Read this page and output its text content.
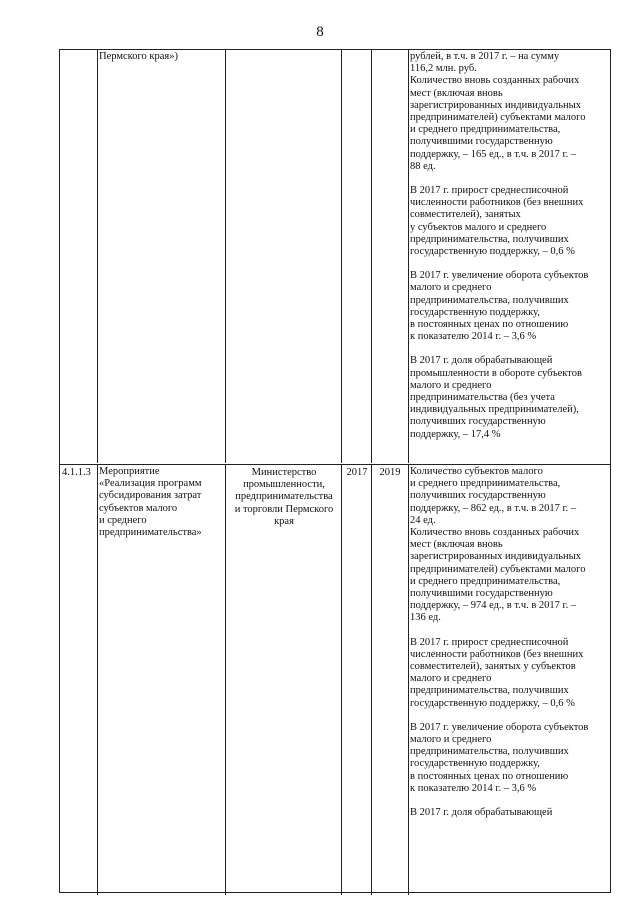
8
Пермского края»)	рублей, в т.ч. в 2017 г. – на сумму
116,2 млн. руб.

Количество вновь созданных рабочих
мест (включая вновь
зарегистрированных индивидуальных
предпринимателей) субъектами малого
и среднего предпринимательства,
получившими государственную
поддержку, – 165 ед., в т.ч. в 2017 г. –
88 ед.

В 2017 г. прирост среднесписочной
численности работников (без внешних
совместителей), занятых
у субъектов малого и среднего
предпринимательства, получивших
государственную поддержку, – 0,6 %

В 2017 г. увеличение оборота субъектов
малого и среднего
предпринимательства, получивших
государственную поддержку,
в постоянных ценах по отношению
к показателю 2014 г. – 3,6 %

В 2017 г. доля обрабатывающей
промышленности в обороте субъектов
малого и среднего
предпринимательства (без учета
индивидуальных предпринимателей),
получивших государственную
поддержку, – 17,4 %

4.1.1.3 Мероприятие
«Реализация программ
субсидирования затрат
субъектов малого
и среднего
предпринимательства»
Министерство
промышленности,
предпринимательства
и торговли Пермского
края
2017	2019 Количество субъектов малого
и среднего предпринимательства,
получивших государственную
поддержку, – 862 ед., в т.ч. в 2017 г. –
24 ед.

Количество вновь созданных рабочих
мест (включая вновь
зарегистрированных индивидуальных
предпринимателей) субъектами малого
и среднего предпринимательства,
получившими государственную
поддержку, – 974 ед., в т.ч. в 2017 г. –
136 ед.

В 2017 г. прирост среднесписочной
численности работников (без внешних
совместителей), занятых у субъектов
малого и среднего
предпринимательства, получивших
государственную поддержку, – 0,6 %

В 2017 г. увеличение оборота субъектов
малого и среднего
предпринимательства, получивших
государственную поддержку,
в постоянных ценах по отношению
к показателю 2014 г. – 3,6 %

В 2017 г. доля обрабатывающей
